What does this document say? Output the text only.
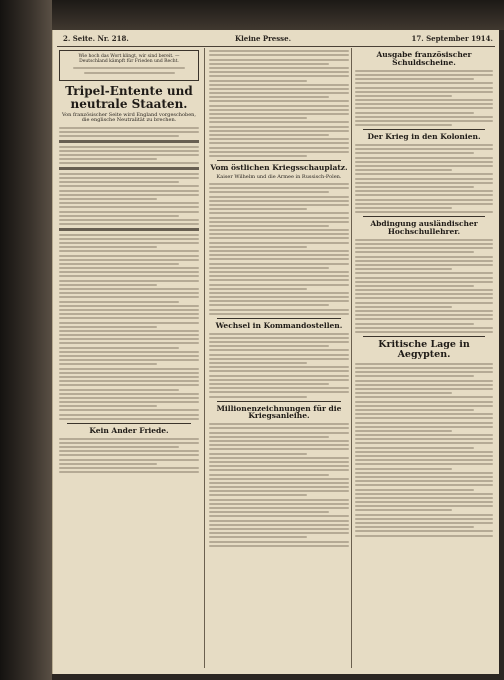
2. Seite. Nr. 218.	Kleine Presse.	17. September 1914.
Wie hoch das Wort klingt, wir sind bereit. — Deutschland kämpft für Frieden und Recht.
Tripel-Entente und neutrale Staaten.
Von französischer Seite wird England vorgeschoben, die englische Neutralität zu brechen.
Kein Ander Friede.
Vom östlichen Kriegsschauplatz.
Kaiser Wilhelm und die Armee in Russisch-Polen.
Wechsel in Kommandostellen.
Millionenzeichnungen für die Kriegsanleihe.
Ausgabe französischer Schuldscheine.
Der Krieg in den Kolonien.
Abdingung ausländischer Hochschullehrer.
Kritische Lage in Aegypten.
